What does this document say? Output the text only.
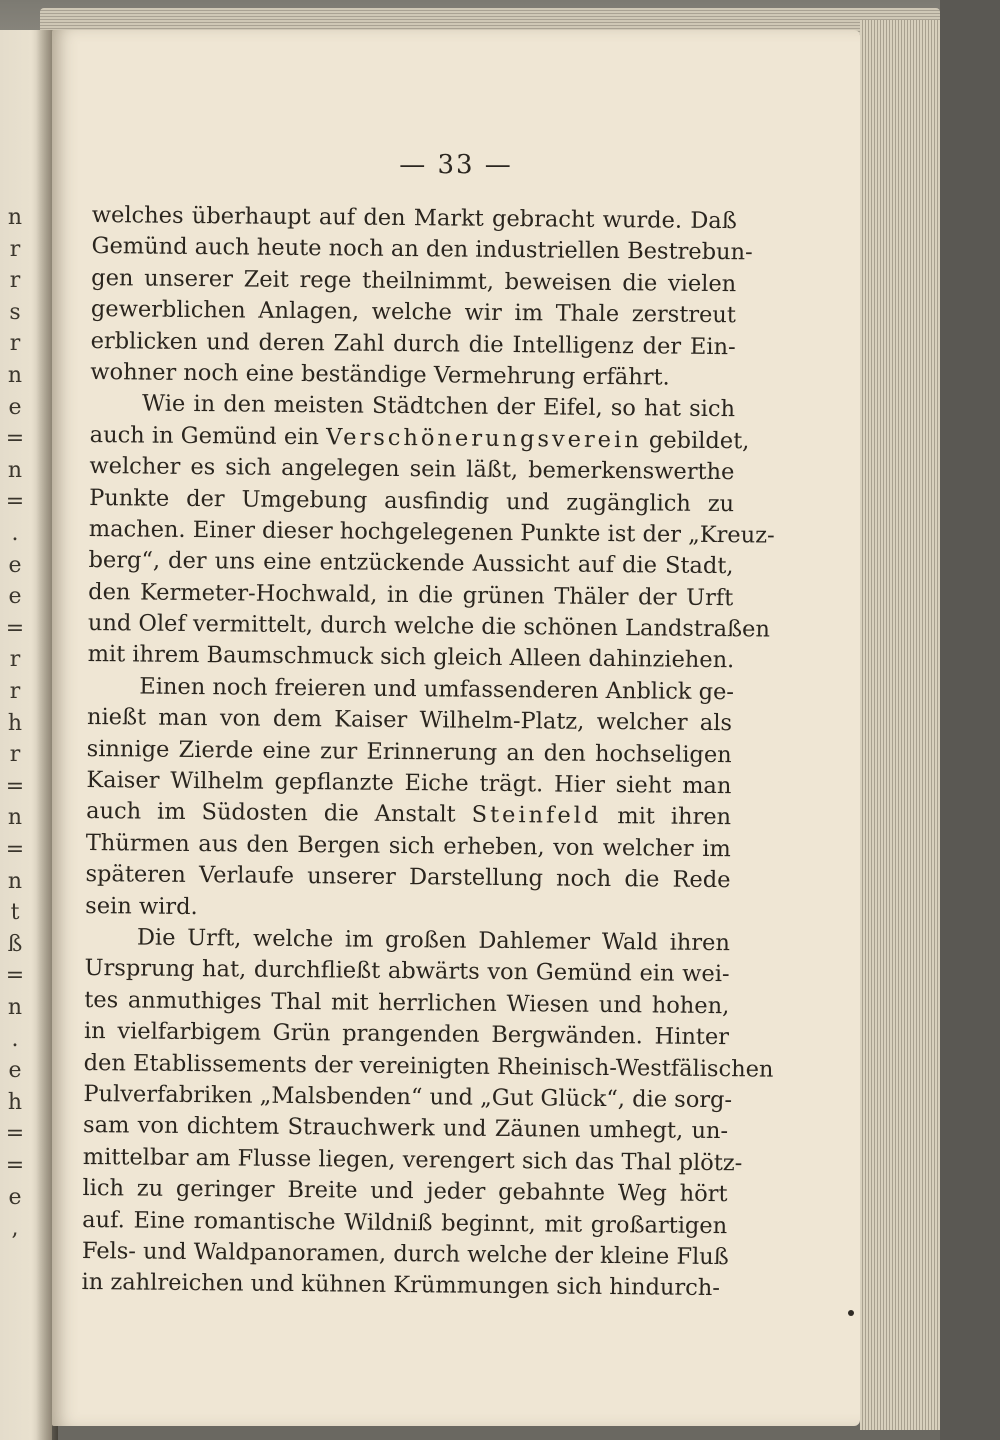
n
r
r
s
r
n
e
=
n
=
.
e
e
=
r
r
h
r
=
n
=
n
t
ß
=
n
.
e
h
=
=
e
,
— 33 —
welches überhaupt auf den Markt gebracht wurde. Daß
Gemünd auch heute noch an den industriellen Bestrebun-
gen unserer Zeit rege theilnimmt, beweisen die vielen
gewerblichen Anlagen, welche wir im Thale zerstreut
erblicken und deren Zahl durch die Intelligenz der Ein-
wohner noch eine beständige Vermehrung erfährt.
Wie in den meisten Städtchen der Eifel, so hat sich
auch in Gemünd ein Verschönerungsverein gebildet,
welcher es sich angelegen sein läßt, bemerkenswerthe
Punkte der Umgebung ausfindig und zugänglich zu
machen. Einer dieser hochgelegenen Punkte ist der „Kreuz-
berg“, der uns eine entzückende Aussicht auf die Stadt,
den Kermeter-Hochwald, in die grünen Thäler der Urft
und Olef vermittelt, durch welche die schönen Landstraßen
mit ihrem Baumschmuck sich gleich Alleen dahinziehen.
Einen noch freieren und umfassenderen Anblick ge-
nießt man von dem Kaiser Wilhelm-Platz, welcher als
sinnige Zierde eine zur Erinnerung an den hochseligen
Kaiser Wilhelm gepflanzte Eiche trägt. Hier sieht man
auch im Südosten die Anstalt Steinfeld mit ihren
Thürmen aus den Bergen sich erheben, von welcher im
späteren Verlaufe unserer Darstellung noch die Rede
sein wird.
Die Urft, welche im großen Dahlemer Wald ihren
Ursprung hat, durchfließt abwärts von Gemünd ein wei-
tes anmuthiges Thal mit herrlichen Wiesen und hohen,
in vielfarbigem Grün prangenden Bergwänden. Hinter
den Etablissements der vereinigten Rheinisch-Westfälischen
Pulverfabriken „Malsbenden“ und „Gut Glück“, die sorg-
sam von dichtem Strauchwerk und Zäunen umhegt, un-
mittelbar am Flusse liegen, verengert sich das Thal plötz-
lich zu geringer Breite und jeder gebahnte Weg hört
auf. Eine romantische Wildniß beginnt, mit großartigen
Fels- und Waldpanoramen, durch welche der kleine Fluß
in zahlreichen und kühnen Krümmungen sich hindurch-
